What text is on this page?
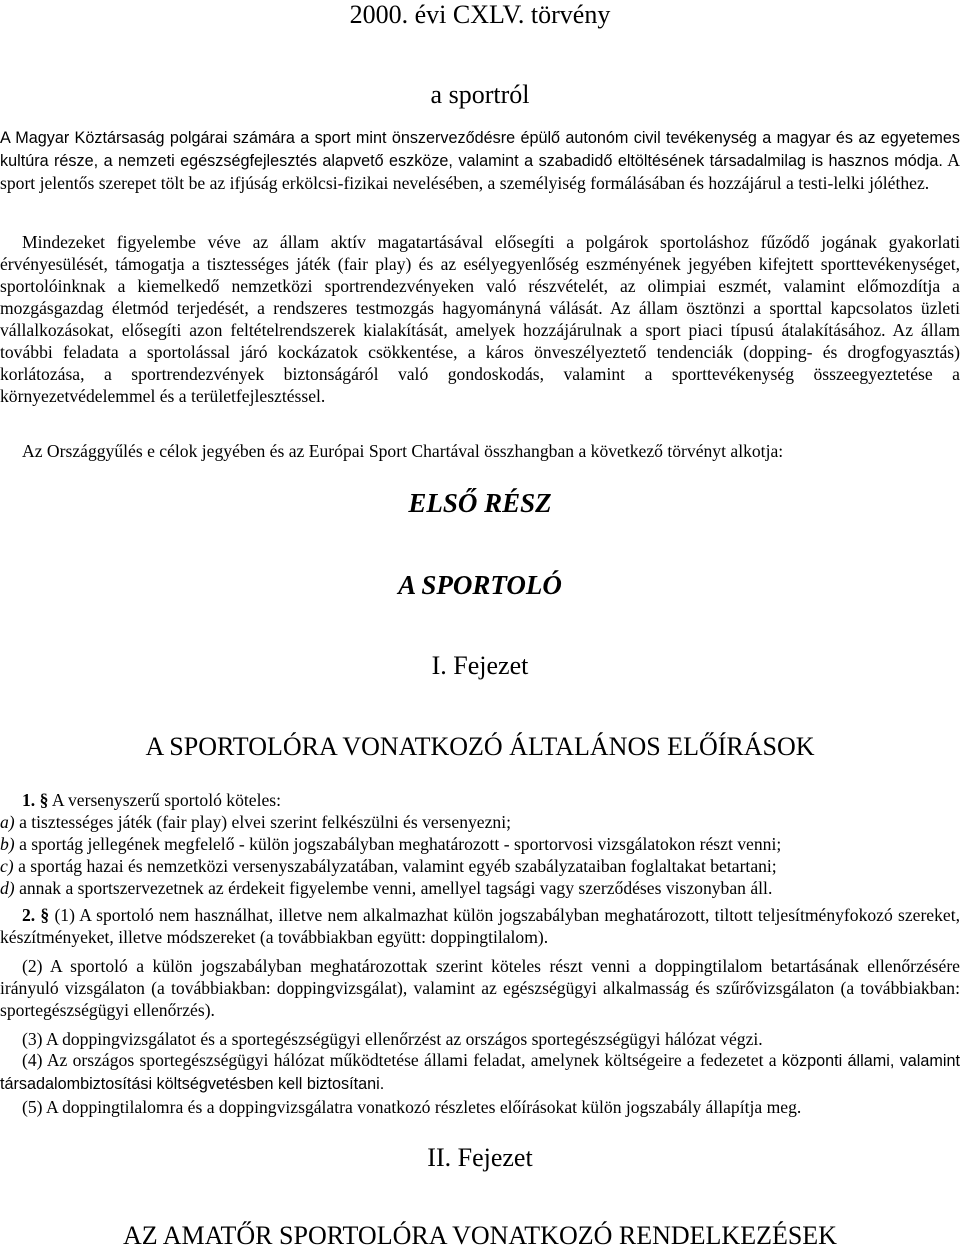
2000. évi CXLV. törvény
a sportról

A Magyar Köztársaság polgárai számára a sport mint önszerveződésre épülő autonóm civil tevékenység a magyar és az egyetemes kultúra része, a nemzeti egészségfejlesztés alapvető eszköze, valamint a szabadidő eltöltésének társadalmilag is hasznos módja. A sport jelentős szerepet tölt be az ifjúság erkölcsi-fizikai nevelésében, a személyiség formálásában és hozzájárul a testi-lelki jóléthez.

Mindezeket figyelembe véve az állam aktív magatartásával elősegíti a polgárok sportoláshoz fűződő jogának gyakorlati érvényesülését, támogatja a tisztességes játék (fair play) és az esélyegyenlőség eszményének jegyében kifejtett sporttevékenységet, sportolóinknak a kiemelkedő nemzetközi sportrendezvényeken való részvételét, az olimpiai eszmét, valamint előmozdítja a mozgásgazdag életmód terjedését, a rendszeres testmozgás hagyományná válását. Az állam ösztönzi a sporttal kapcsolatos üzleti vállalkozásokat, elősegíti azon feltételrendszerek kialakítását, amelyek hozzájárulnak a sport piaci típusú átalakításához. Az állam további feladata a sportolással járó kockázatok csökkentése, a káros önveszélyeztető tendenciák (dopping- és drogfogyasztás) korlátozása, a sportrendezvények biztonságáról való gondoskodás, valamint a sporttevékenység összeegyeztetése a környezetvédelemmel és a területfejlesztéssel.

Az Országgyűlés e célok jegyében és az Európai Sport Chartával összhangban a következő törvényt alkotja:

ELSŐ RÉSZ
A SPORTOLÓ
I. Fejezet
A SPORTOLÓRA VONATKOZÓ ÁLTALÁNOS ELŐÍRÁSOK

1. § A versenyszerű sportoló köteles:

a) a tisztességes játék (fair play) elvei szerint felkészülni és versenyezni;

b) a sportág jellegének megfelelő - külön jogszabályban meghatározott - sportorvosi vizsgálatokon részt venni;

c) a sportág hazai és nemzetközi versenyszabályzatában, valamint egyéb szabályzataiban foglaltakat betartani;

d) annak a sportszervezetnek az érdekeit figyelembe venni, amellyel tagsági vagy szerződéses viszonyban áll.

2. § (1) A sportoló nem használhat, illetve nem alkalmazhat külön jogszabályban meghatározott, tiltott teljesítményfokozó szereket, készítményeket, illetve módszereket (a továbbiakban együtt: doppingtilalom).

(2) A sportoló a külön jogszabályban meghatározottak szerint köteles részt venni a doppingtilalom betartásának ellenőrzésére irányuló vizsgálaton (a továbbiakban: doppingvizsgálat), valamint az egészségügyi alkalmasság és szűrővizsgálaton (a továbbiakban: sportegészségügyi ellenőrzés).

(3) A doppingvizsgálatot és a sportegészségügyi ellenőrzést az országos sportegészségügyi hálózat végzi.

(4) Az országos sportegészségügyi hálózat működtetése állami feladat, amelynek költségeire a fedezetet a központi állami, valamint társadalombiztosítási költségvetésben kell biztosítani.

(5) A doppingtilalomra és a doppingvizsgálatra vonatkozó részletes előírásokat külön jogszabály állapítja meg.

II. Fejezet
AZ AMATŐR SPORTOLÓRA VONATKOZÓ RENDELKEZÉSEK
